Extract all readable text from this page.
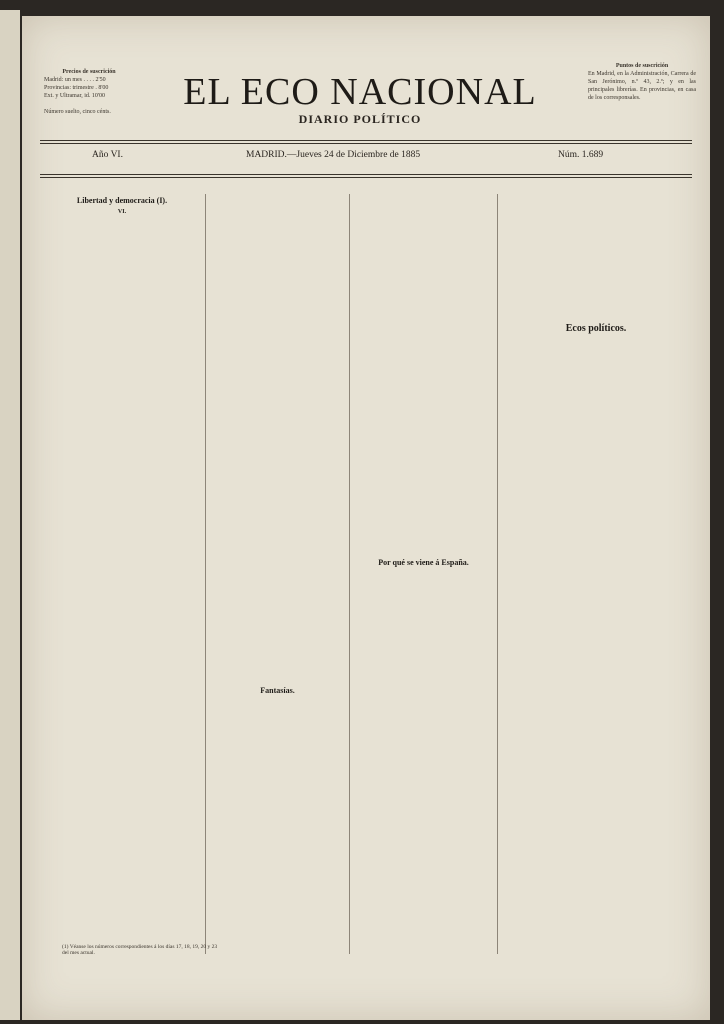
Precios de suscrición
Madrid: un mes . . . . 2'50
Provincias: trimestre . 8'00
Ext. y Ultramar, id. 10'00
Número suelto, cinco cénts.	EL ECO NACIONAL
DIARIO POLÍTICO
Puntos de suscrición
En Madrid, en la Administración, Carrera de San Jerónimo, n.º 43, 2.º; y en las principales librerías. En provincias, en casa de los corresponsales.
Año VI.	MADRID.—Jueves 24 de Diciembre de 1885	Núm. 1.689
Libertad y democracia (I).
VI.
Fantasías.
Por qué se viene á España.
Ecos políticos.
(1) Véanse los números correspondientes á los días 17, 18, 19, 20 y 23 del mes actual.
